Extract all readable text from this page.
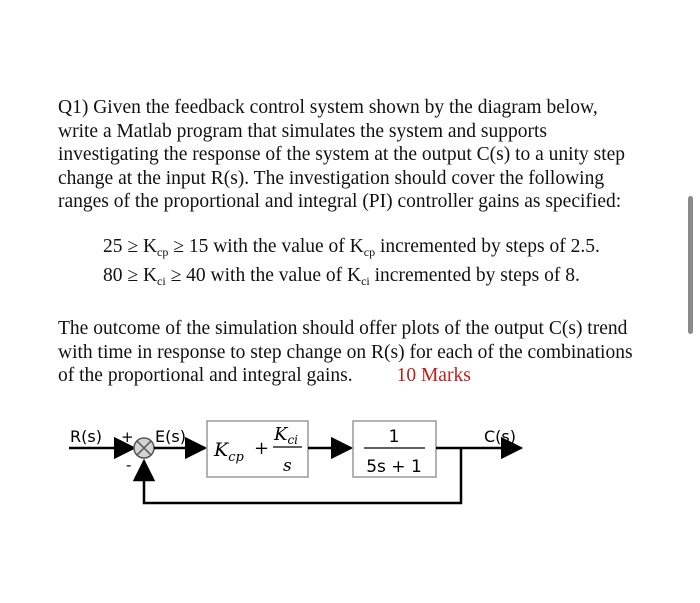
Q1) Given the feedback control system shown by the diagram below,
write a Matlab program that simulates the system and supports
investigating the response of the system at the output C(s) to a unity step
change at the input R(s). The investigation should cover the following
ranges of the proportional and integral (PI) controller gains as specified:
$25 \ge K_{cp} \ge 15$ with the value of $K_{cp}$ incremented by steps of 2.5.
$80 \ge K_{ci} \ge 40$ with the value of $K_{ci}$ incremented by steps of 8.
The outcome of the simulation should offer plots of the output C(s) trend
with time in response to step change on R(s) for each of the combinations
of the proportional and integral gains. 10 Marks
R(s) +
-
E(s)
$K_{cp}$ +
$K_{ci}$
s
1
5s + 1
C(s)
